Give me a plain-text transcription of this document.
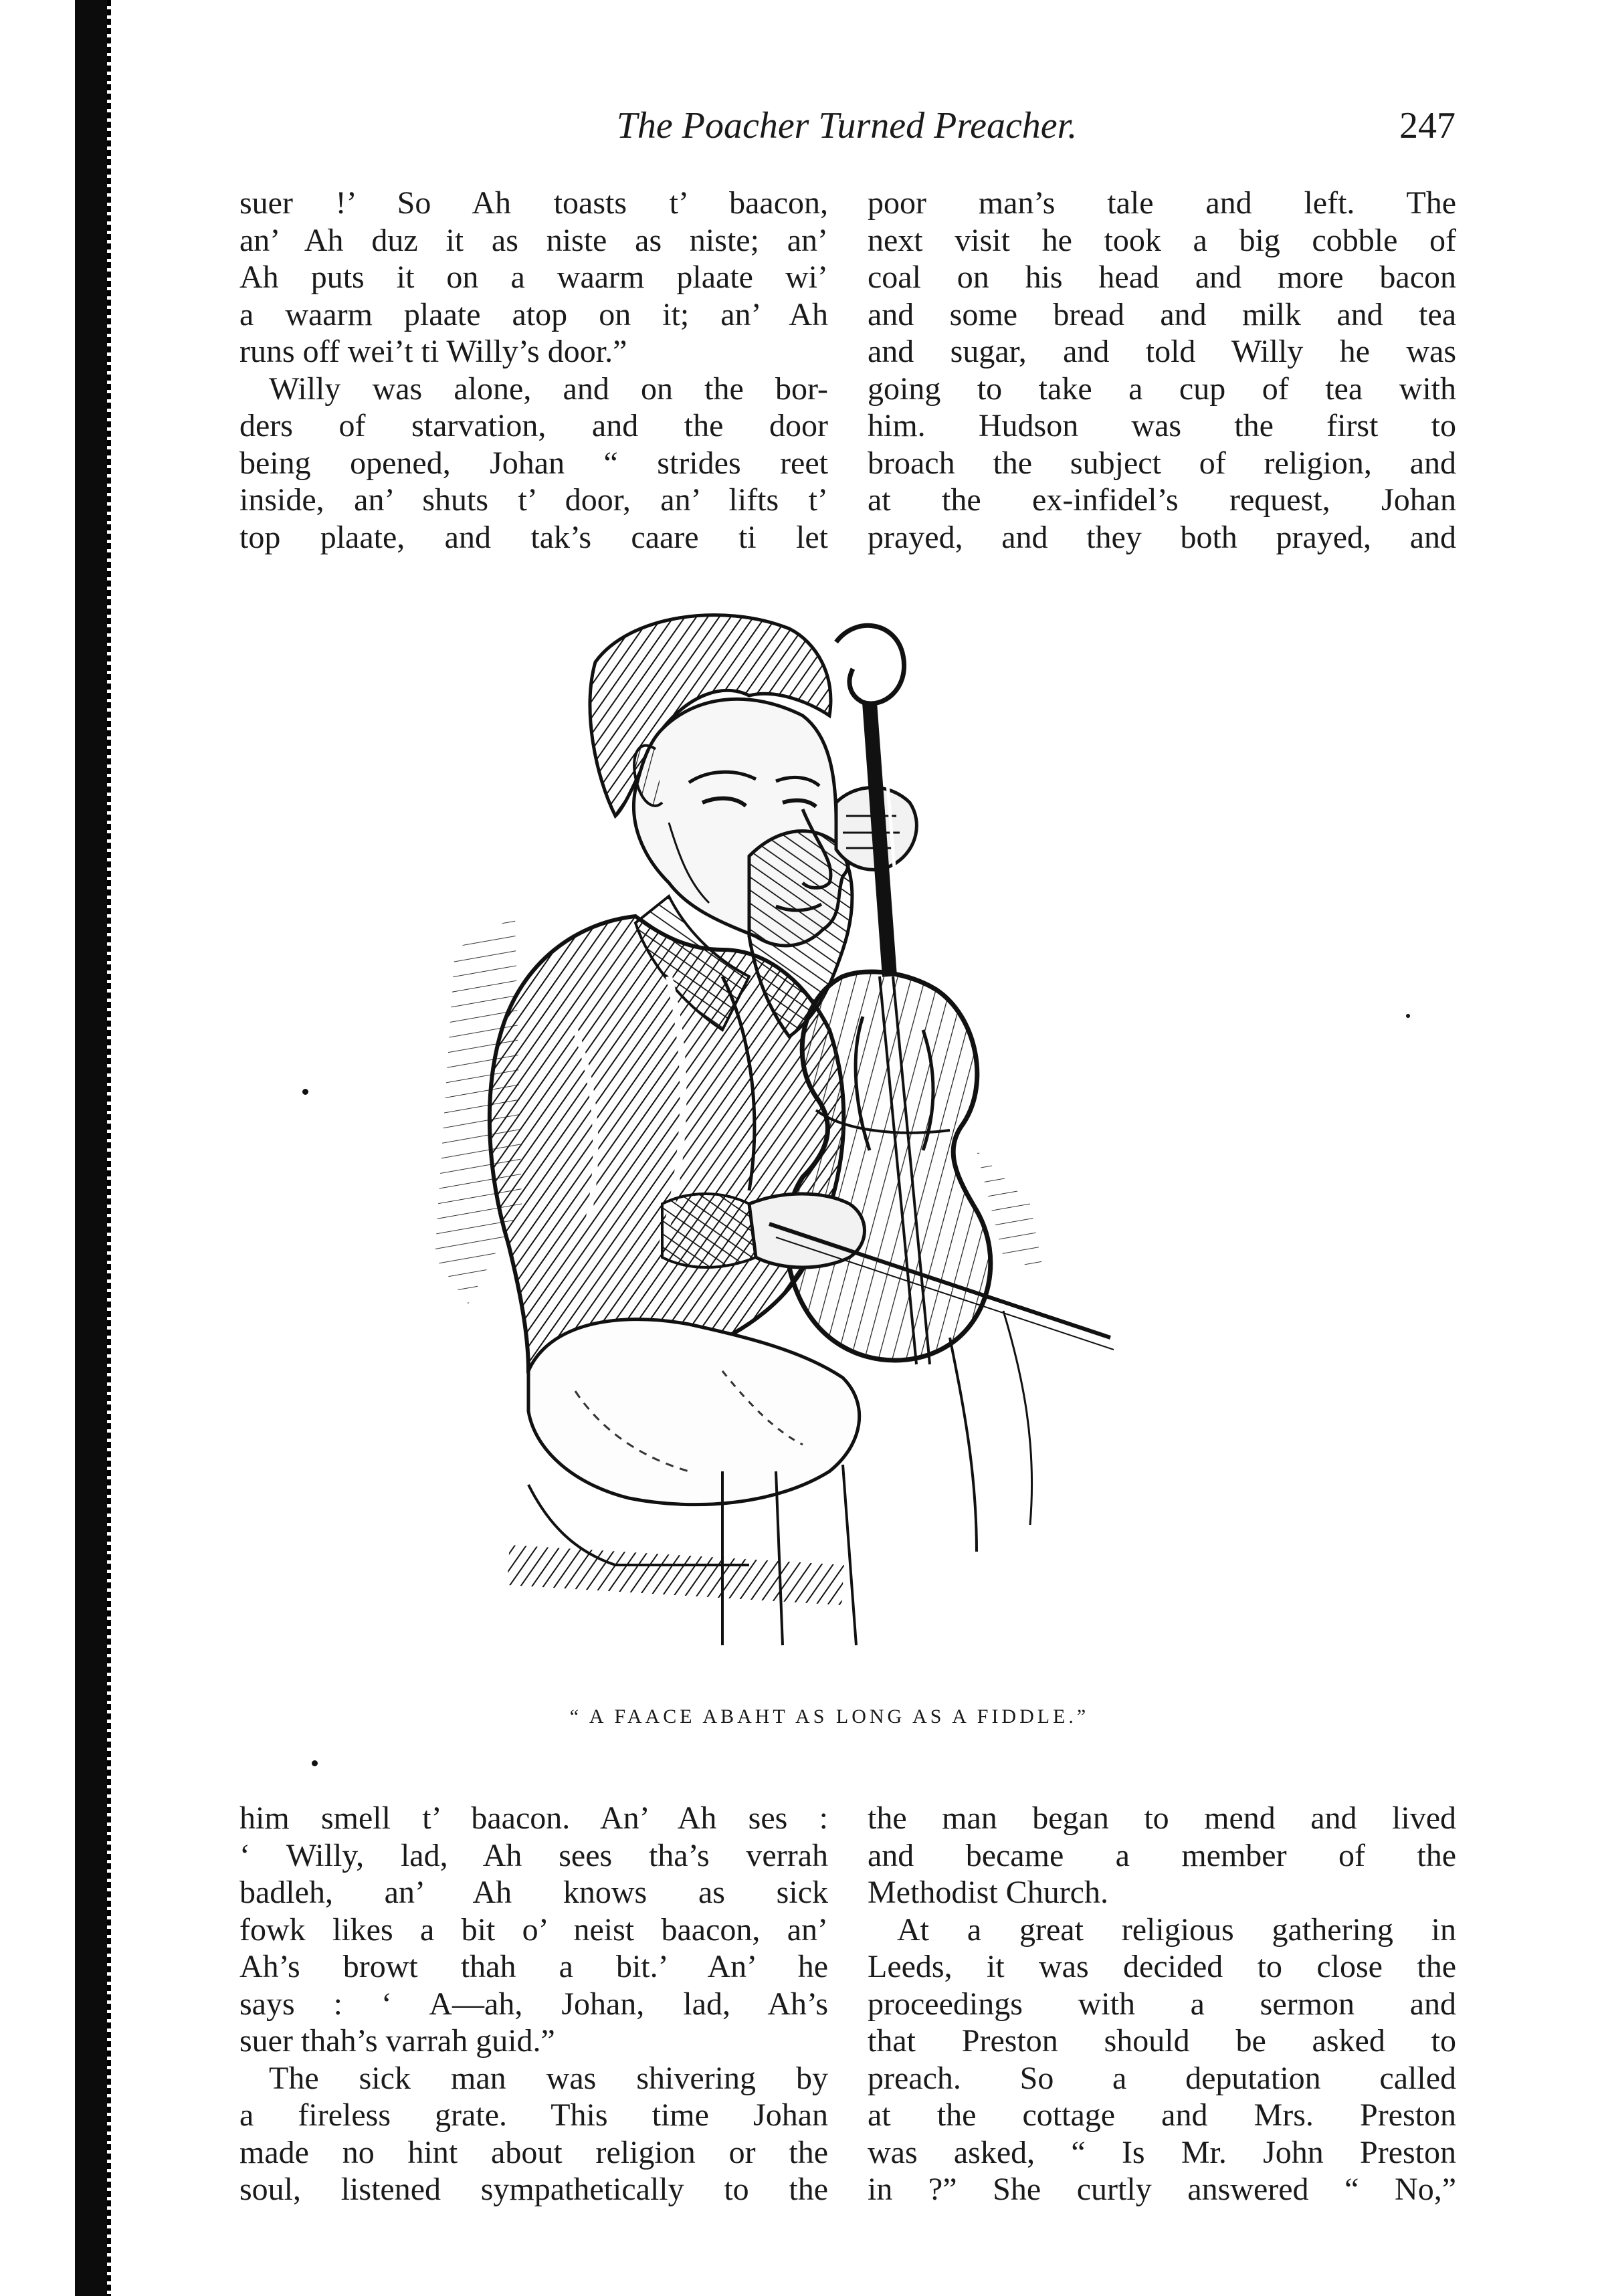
The Poacher Turned Preacher.	247

suer !’ So Ah toasts t’ baacon,

an’ Ah duz it as niste as niste; an’

Ah puts it on a waarm plaate wi’

a waarm plaate atop on it; an’ Ah

runs off wei’t ti Willy’s door.”

Willy was alone, and on the bor-

ders of starvation, and the door

being opened, Johan “ strides reet

inside, an’ shuts t’ door, an’ lifts t’

top plaate, and tak’s caare ti let

poor man’s tale and left. The

next visit he took a big cobble of

coal on his head and more bacon

and some bread and milk and tea

and sugar, and told Willy he was

going to take a cup of tea with

him. Hudson was the first to

broach the subject of religion, and

at the ex-infidel’s request, Johan

prayed, and they both prayed, and

“ A FAACE ABAHT AS LONG AS A FIDDLE.”

him smell t’ baacon. An’ Ah ses :

‘ Willy, lad, Ah sees tha’s verrah

badleh, an’ Ah knows as sick

fowk likes a bit o’ neist baacon, an’

Ah’s browt thah a bit.’ An’ he

says : ‘ A—ah, Johan, lad, Ah’s

suer thah’s varrah guid.”

The sick man was shivering by

a fireless grate. This time Johan

made no hint about religion or the

soul, listened sympathetically to the

the man began to mend and lived

and became a member of the

Methodist Church.

At a great religious gathering in

Leeds, it was decided to close the

proceedings with a sermon and

that Preston should be asked to

preach. So a deputation called

at the cottage and Mrs. Preston

was asked, “ Is Mr. John Preston

in ?” She curtly answered “ No,”
